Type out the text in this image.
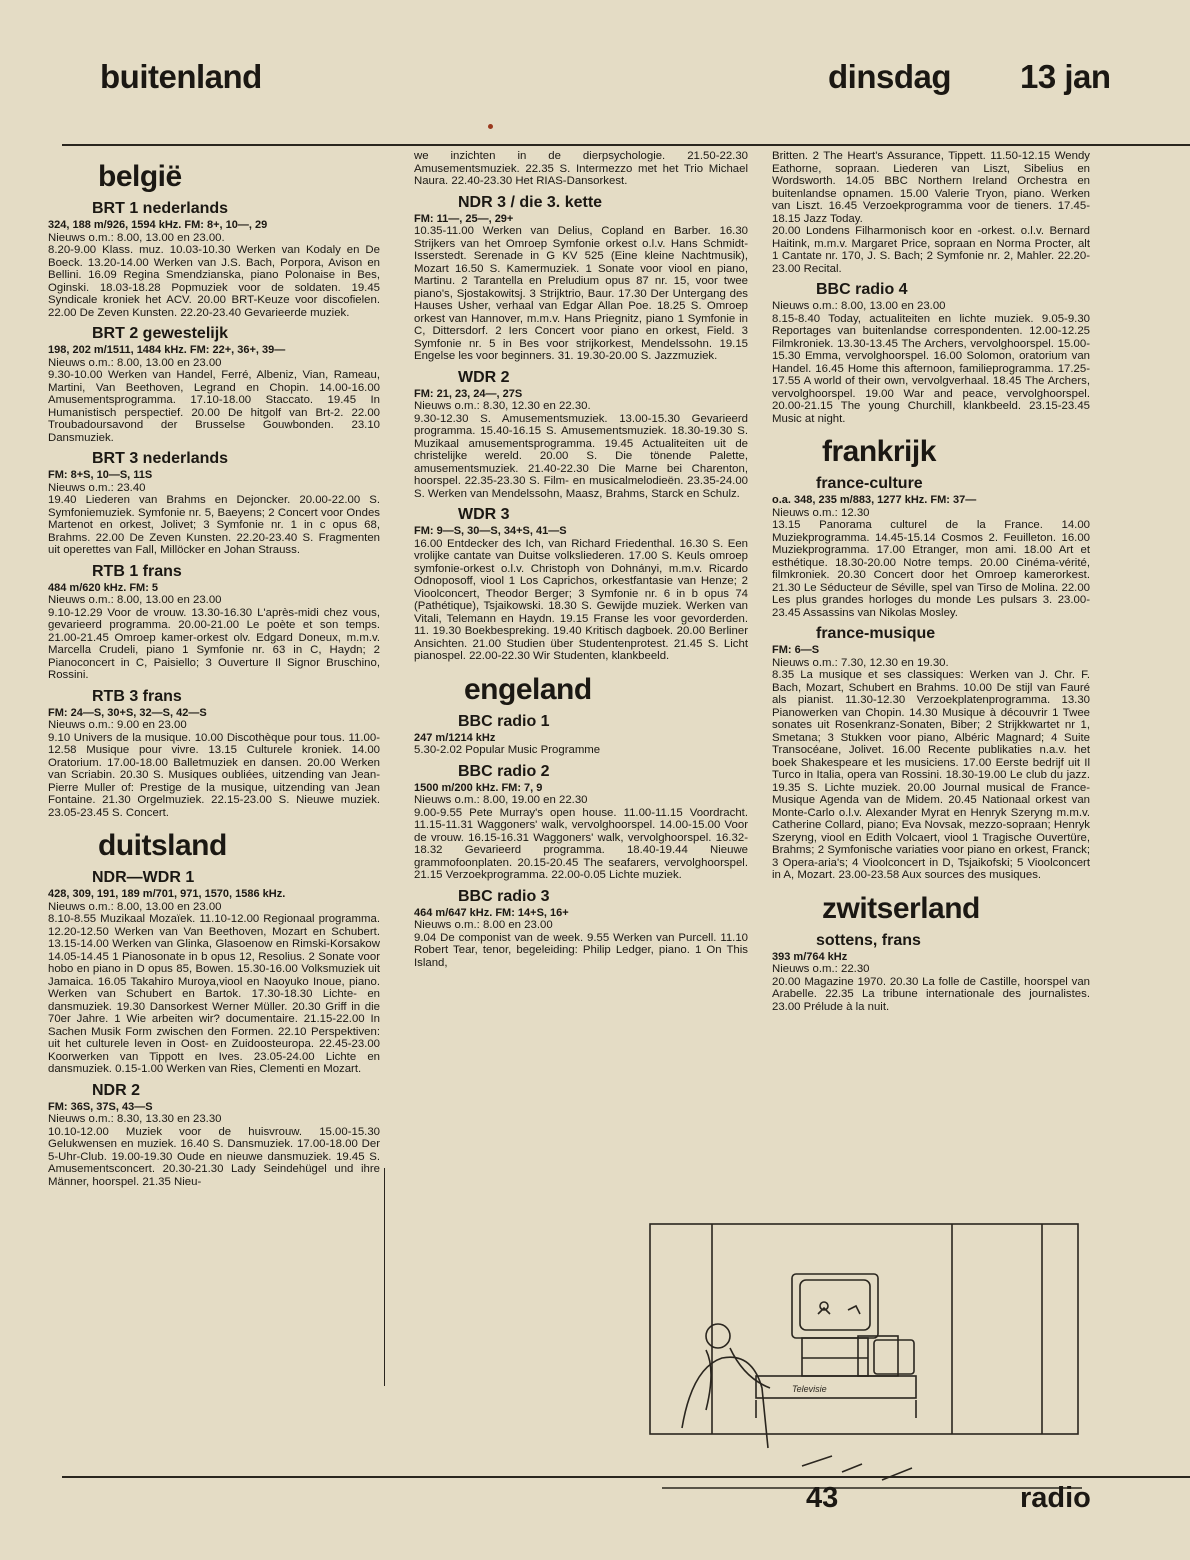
buitenland	dinsdag 13 jan
belgië
BRT 1 nederlands
324, 188 m/926, 1594 kHz. FM: 8+, 10—, 29
Nieuws o.m.: 8.00, 13.00 en 23.00.
8.20-9.00 Klass. muz. 10.03-10.30 Werken van Kodaly en De Boeck. 13.20-14.00 Werken van J.S. Bach, Porpora, Avison en Bellini. 16.09 Regina Smendzianska, piano Polonaise in Bes, Oginski. 18.03-18.28 Popmuziek voor de soldaten. 19.45 Syndicale kroniek het ACV. 20.00 BRT-Keuze voor discofielen. 22.00 De Zeven Kunsten. 22.20-23.40 Gevarieerde muziek.
BRT 2 gewestelijk
198, 202 m/1511, 1484 kHz. FM: 22+, 36+, 39—
Nieuws o.m.: 8.00, 13.00 en 23.00
9.30-10.00 Werken van Handel, Ferré, Albeniz, Vian, Rameau, Martini, Van Beethoven, Legrand en Chopin. 14.00-16.00 Amusementsprogramma. 17.10-18.00 Staccato. 19.45 In Humanistisch perspectief. 20.00 De hitgolf van Brt-2. 22.00 Troubadoursavond der Brusselse Gouwbonden. 23.10 Dansmuziek.
BRT 3 nederlands
FM: 8+S, 10—S, 11S
Nieuws o.m.: 23.40
19.40 Liederen van Brahms en Dejoncker. 20.00-22.00 S. Symfoniemuziek. Symfonie nr. 5, Baeyens; 2 Concert voor Ondes Martenot en orkest, Jolivet; 3 Symfonie nr. 1 in c opus 68, Brahms. 22.00 De Zeven Kunsten. 22.20-23.40 S. Fragmenten uit operettes van Fall, Millöcker en Johan Strauss.
RTB 1 frans
484 m/620 kHz. FM: 5
Nieuws o.m.: 8.00, 13.00 en 23.00
9.10-12.29 Voor de vrouw. 13.30-16.30 L'après-midi chez vous, gevarieerd programma. 20.00-21.00 Le poète et son temps. 21.00-21.45 Omroep kamer-orkest olv. Edgard Doneux, m.m.v. Marcella Crudeli, piano 1 Symfonie nr. 63 in C, Haydn; 2 Pianoconcert in C, Paisiello; 3 Ouverture Il Signor Bruschino, Rossini.
RTB 3 frans
FM: 24—S, 30+S, 32—S, 42—S
Nieuws o.m.: 9.00 en 23.00
9.10 Univers de la musique. 10.00 Discothèque pour tous. 11.00-12.58 Musique pour vivre. 13.15 Culturele kroniek. 14.00 Oratorium. 17.00-18.00 Balletmuziek en dansen. 20.00 Werken van Scriabin. 20.30 S. Musiques oubliées, uitzending van Jean-Pierre Muller of: Prestige de la musique, uitzending van Jean Fontaine. 21.30 Orgelmuziek. 22.15-23.00 S. Nieuwe muziek. 23.05-23.45 S. Concert.
duitsland
NDR—WDR 1
428, 309, 191, 189 m/701, 971, 1570, 1586 kHz.
Nieuws o.m.: 8.00, 13.00 en 23.00
8.10-8.55 Muzikaal Mozaïek. 11.10-12.00 Regionaal programma. 12.20-12.50 Werken van Van Beethoven, Mozart en Schubert. 13.15-14.00 Werken van Glinka, Glasoenow en Rimski-Korsakow 14.05-14.45 1 Pianosonate in b opus 12, Resolius. 2 Sonate voor hobo en piano in D opus 85, Bowen. 15.30-16.00 Volksmuziek uit Jamaica. 16.05 Takahiro Muroya,viool en Naoyuko Inoue, piano. Werken van Schubert en Bartok. 17.30-18.30 Lichte- en dansmuziek. 19.30 Dansorkest Werner Müller. 20.30 Griff in die 70er Jahre. 1 Wie arbeiten wir? documentaire. 21.15-22.00 In Sachen Musik Form zwischen den Formen. 22.10 Perspektiven: uit het culturele leven in Oost- en Zuidoosteuropa. 22.45-23.00 Koorwerken van Tippott en Ives. 23.05-24.00 Lichte en dansmuziek. 0.15-1.00 Werken van Ries, Clementi en Mozart.
NDR 2
FM: 36S, 37S, 43—S
Nieuws o.m.: 8.30, 13.30 en 23.30
10.10-12.00 Muziek voor de huisvrouw. 15.00-15.30 Gelukwensen en muziek. 16.40 S. Dansmuziek. 17.00-18.00 Der 5-Uhr-Club. 19.00-19.30 Oude en nieuwe dansmuziek. 19.45 S. Amusementsconcert. 20.30-21.30 Lady Seindehügel und ihre Männer, hoorspel. 21.35 Nieu-
we inzichten in de dierpsychologie. 21.50-22.30 Amusementsmuziek. 22.35 S. Intermezzo met het Trio Michael Naura. 22.40-23.30 Het RIAS-Dansorkest.
NDR 3 / die 3. kette
FM: 11—, 25—, 29+
10.35-11.00 Werken van Delius, Copland en Barber. 16.30 Strijkers van het Omroep Symfonie orkest o.l.v. Hans Schmidt-Isserstedt. Serenade in G KV 525 (Eine kleine Nachtmusik), Mozart 16.50 S. Kamermuziek. 1 Sonate voor viool en piano, Martinu. 2 Tarantella en Preludium opus 87 nr. 15, voor twee piano's, Sjostakowitsj. 3 Strijktrio, Baur. 17.30 Der Untergang des Hauses Usher, verhaal van Edgar Allan Poe. 18.25 S. Omroep orkest van Hannover, m.m.v. Hans Priegnitz, piano 1 Symfonie in C, Dittersdorf. 2 Iers Concert voor piano en orkest, Field. 3 Symfonie nr. 5 in Bes voor strijkorkest, Mendelssohn. 19.15 Engelse les voor beginners. 31. 19.30-20.00 S. Jazzmuziek.
WDR 2
FM: 21, 23, 24—, 27S
Nieuws o.m.: 8.30, 12.30 en 22.30.
9.30-12.30 S. Amusementsmuziek. 13.00-15.30 Gevarieerd programma. 15.40-16.15 S. Amusementsmuziek. 18.30-19.30 S. Muzikaal amusementsprogramma. 19.45 Actualiteiten uit de christelijke wereld. 20.00 S. Die tönende Palette, amusementsmuziek. 21.40-22.30 Die Marne bei Charenton, hoorspel. 22.35-23.30 S. Film- en musicalmelodieën. 23.35-24.00 S. Werken van Mendelssohn, Maasz, Brahms, Starck en Schulz.
WDR 3
FM: 9—S, 30—S, 34+S, 41—S
16.00 Entdecker des Ich, van Richard Friedenthal. 16.30 S. Een vrolijke cantate van Duitse volksliederen. 17.00 S. Keuls omroep symfonie-orkest o.l.v. Christoph von Dohnányi, m.m.v. Ricardo Odnoposoff, viool 1 Los Caprichos, orkestfantasie van Henze; 2 Vioolconcert, Theodor Berger; 3 Symfonie nr. 6 in b opus 74 (Pathétique), Tsjaikowski. 18.30 S. Gewijde muziek. Werken van Vitali, Telemann en Haydn. 19.15 Franse les voor gevorderden. 11. 19.30 Boekbespreking. 19.40 Kritisch dagboek. 20.00 Berliner Ansichten. 21.00 Studien über Studentenprotest. 21.45 S. Licht pianospel. 22.00-22.30 Wir Studenten, klankbeeld.
engeland
BBC radio 1
247 m/1214 kHz
5.30-2.02 Popular Music Programme
BBC radio 2
1500 m/200 kHz. FM: 7, 9
Nieuws o.m.: 8.00, 19.00 en 22.30
9.00-9.55 Pete Murray's open house. 11.00-11.15 Voordracht. 11.15-11.31 Waggoners' walk, vervolghoorspel. 14.00-15.00 Voor de vrouw. 16.15-16.31 Waggoners' walk, vervolghoorspel. 16.32-18.32 Gevarieerd programma. 18.40-19.44 Nieuwe grammofoonplaten. 20.15-20.45 The seafarers, vervolghoorspel. 21.15 Verzoekprogramma. 22.00-0.05 Lichte muziek.
BBC radio 3
464 m/647 kHz. FM: 14+S, 16+
Nieuws o.m.: 8.00 en 23.00
9.04 De componist van de week. 9.55 Werken van Purcell. 11.10 Robert Tear, tenor, begeleiding: Philip Ledger, piano. 1 On This Island,
Britten. 2 The Heart's Assurance, Tippett. 11.50-12.15 Wendy Eathorne, sopraan. Liederen van Liszt, Sibelius en Wordsworth. 14.05 BBC Northern Ireland Orchestra en buitenlandse opnamen. 15.00 Valerie Tryon, piano. Werken van Liszt. 16.45 Verzoekprogramma voor de tieners. 17.45-18.15 Jazz Today.
20.00 Londens Filharmonisch koor en -orkest. o.l.v. Bernard Haitink, m.m.v. Margaret Price, sopraan en Norma Procter, alt 1 Cantate nr. 170, J. S. Bach; 2 Symfonie nr. 2, Mahler. 22.20-23.00 Recital.
BBC radio 4
Nieuws o.m.: 8.00, 13.00 en 23.00
8.15-8.40 Today, actualiteiten en lichte muziek. 9.05-9.30 Reportages van buitenlandse correspondenten. 12.00-12.25 Filmkroniek. 13.30-13.45 The Archers, vervolghoorspel. 15.00-15.30 Emma, vervolghoorspel. 16.00 Solomon, oratorium van Handel. 16.45 Home this afternoon, familieprogramma. 17.25-17.55 A world of their own, vervolgverhaal. 18.45 The Archers, vervolghoorspel. 19.00 War and peace, vervolghoorspel. 20.00-21.15 The young Churchill, klankbeeld. 23.15-23.45 Music at night.
frankrijk
france-culture
o.a. 348, 235 m/883, 1277 kHz. FM: 37—
Nieuws o.m.: 12.30
13.15 Panorama culturel de la France. 14.00 Muziekprogramma. 14.45-15.14 Cosmos 2. Feuilleton. 16.00 Muziekprogramma. 17.00 Etranger, mon ami. 18.00 Art et esthétique. 18.30-20.00 Notre temps. 20.00 Cinéma-vérité, filmkroniek. 20.30 Concert door het Omroep kamerorkest. 21.30 Le Séducteur de Séville, spel van Tirso de Molina. 22.00 Les plus grandes horloges du monde Les pulsars 3. 23.00-23.45 Assassins van Nikolas Mosley.
france-musique
FM: 6—S
Nieuws o.m.: 7.30, 12.30 en 19.30.
8.35 La musique et ses classiques: Werken van J. Chr. F. Bach, Mozart, Schubert en Brahms. 10.00 De stijl van Fauré als pianist. 11.30-12.30 Verzoekplatenprogramma. 13.30 Pianowerken van Chopin. 14.30 Musique à découvrir 1 Twee sonates uit Rosenkranz-Sonaten, Biber; 2 Strijkkwartet nr 1, Smetana; 3 Stukken voor piano, Albéric Magnard; 4 Suite Transocéane, Jolivet. 16.00 Recente publikaties n.a.v. het boek Shakespeare et les musiciens. 17.00 Eerste bedrijf uit Il Turco in Italia, opera van Rossini. 18.30-19.00 Le club du jazz. 19.35 S. Lichte muziek. 20.00 Journal musical de France-Musique Agenda van de Midem. 20.45 Nationaal orkest van Monte-Carlo o.l.v. Alexander Myrat en Henryk Szeryng m.m.v. Catherine Collard, piano; Eva Novsak, mezzo-sopraan; Henryk Szeryng, viool en Edith Volcaert, viool 1 Tragische Ouvertüre, Brahms; 2 Symfonische variaties voor piano en orkest, Franck; 3 Opera-aria's; 4 Vioolconcert in D, Tsjaikofski; 5 Vioolconcert in A, Mozart. 23.00-23.58 Aux sources des musiques.
zwitserland
sottens, frans
393 m/764 kHz
Nieuws o.m.: 22.30
20.00 Magazine 1970. 20.30 La folle de Castille, hoorspel van Arabelle. 22.35 La tribune internationale des journalistes. 23.00 Prélude à la nuit.
Televisie
43	radio
